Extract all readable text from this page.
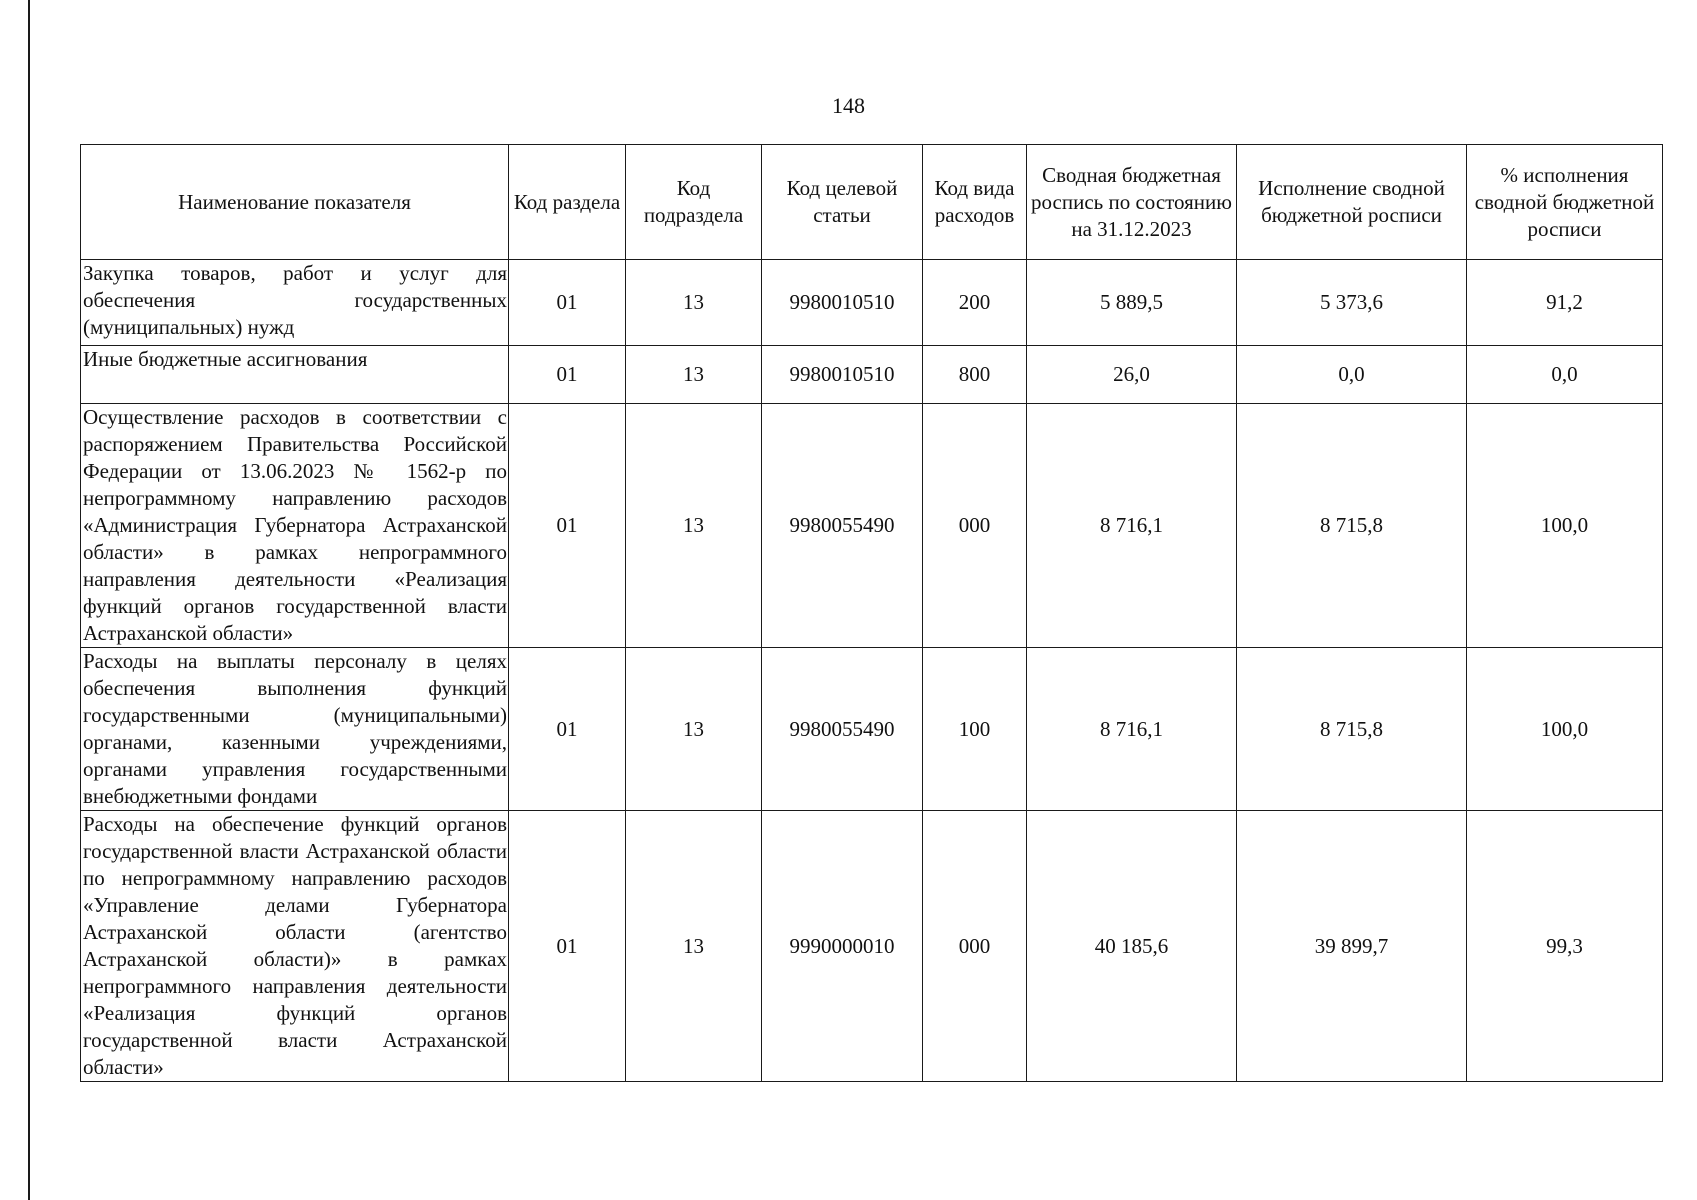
148
Наименование показателя	Код раздела	Код подраздела	Код целевой статьи	Код вида расходов	Сводная бюджетная роспись по состоянию на 31.12.2023	Исполнение сводной бюджетной росписи	% исполнения сводной бюджетной росписи
Закупка товаров, работ и услуг для обеспечения государственных (муниципальных) нужд	01	13	9980010510	200	5 889,5	5 373,6	91,2
Иные бюджетные ассигнования	01	13	9980010510	800	26,0	0,0	0,0
Осуществление расходов в соответствии с распоряжением Правительства Российской Федерации от 13.06.2023 № 1562-р по непрограммному направлению расходов «Администрация Губернатора Астраханской области» в рамках непрограммного направления деятельности «Реализация функций органов государственной власти Астраханской области»	01	13	9980055490	000	8 716,1	8 715,8	100,0
Расходы на выплаты персоналу в целях обеспечения выполнения функций государственными (муниципальными) органами, казенными учреждениями, органами управления государственными внебюджетными фондами	01	13	9980055490	100	8 716,1	8 715,8	100,0
Расходы на обеспечение функций органов государственной власти Астраханской области по непрограммному направлению расходов «Управление делами Губернатора Астраханской области (агентство Астраханской области)» в рамках непрограммного направления деятельности «Реализация функций органов государственной власти Астраханской области»	01	13	9990000010	000	40 185,6	39 899,7	99,3
